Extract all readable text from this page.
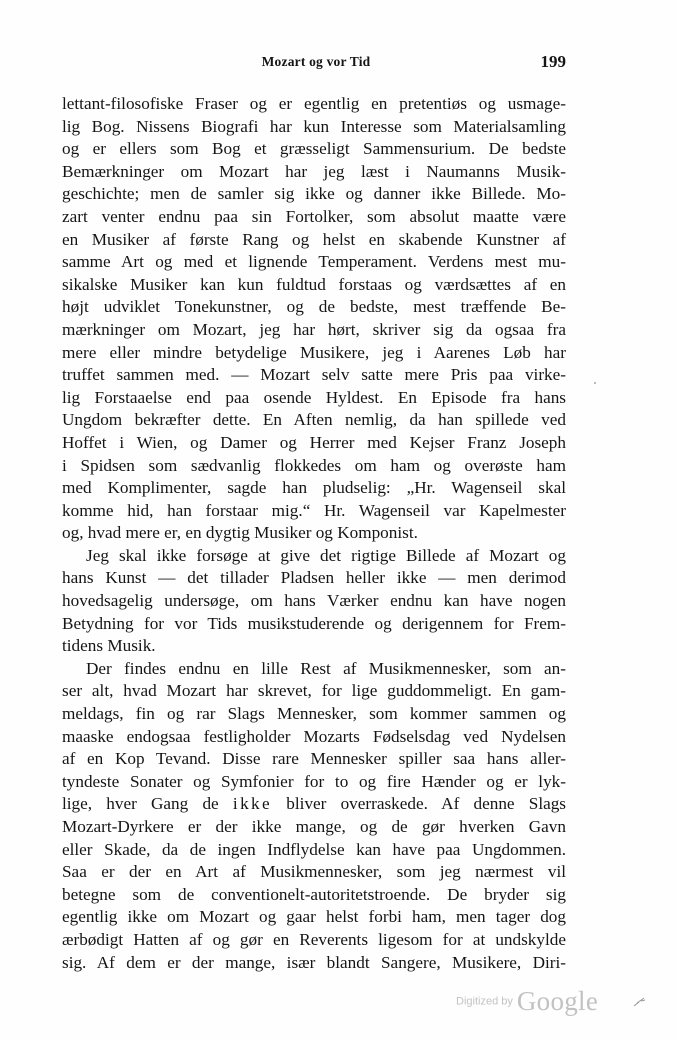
Mozart og vor Tid	199
lettant-filosofiske Fraser og er egentlig en pretentiøs og usmage-
lig Bog. Nissens Biografi har kun Interesse som Materialsamling
og er ellers som Bog et græsseligt Sammensurium. De bedste
Bemærkninger om Mozart har jeg læst i Naumanns Musik-
geschichte; men de samler sig ikke og danner ikke Billede. Mo-
zart venter endnu paa sin Fortolker, som absolut maatte være
en Musiker af første Rang og helst en skabende Kunstner af
samme Art og med et lignende Temperament. Verdens mest mu-
sikalske Musiker kan kun fuldtud forstaas og værdsættes af en
højt udviklet Tonekunstner, og de bedste, mest træffende Be-
mærkninger om Mozart, jeg har hørt, skriver sig da ogsaa fra
mere eller mindre betydelige Musikere, jeg i Aarenes Løb har
truffet sammen med. — Mozart selv satte mere Pris paa virke-
lig Forstaaelse end paa osende Hyldest. En Episode fra hans
Ungdom bekræfter dette. En Aften nemlig, da han spillede ved
Hoffet i Wien, og Damer og Herrer med Kejser Franz Joseph
i Spidsen som sædvanlig flokkedes om ham og overøste ham
med Komplimenter, sagde han pludselig: „Hr. Wagenseil skal
komme hid, han forstaar mig.“ Hr. Wagenseil var Kapelmester
og, hvad mere er, en dygtig Musiker og Komponist.
Jeg skal ikke forsøge at give det rigtige Billede af Mozart og
hans Kunst — det tillader Pladsen heller ikke — men derimod
hovedsagelig undersøge, om hans Værker endnu kan have nogen
Betydning for vor Tids musikstuderende og derigennem for Frem-
tidens Musik.
Der findes endnu en lille Rest af Musikmennesker, som an-
ser alt, hvad Mozart har skrevet, for lige guddommeligt. En gam-
meldags, fin og rar Slags Mennesker, som kommer sammen og
maaske endogsaa festligholder Mozarts Fødselsdag ved Nydelsen
af en Kop Tevand. Disse rare Mennesker spiller saa hans aller-
tyndeste Sonater og Symfonier for to og fire Hænder og er lyk-
lige, hver Gang de ikke bliver overraskede. Af denne Slags
Mozart-Dyrkere er der ikke mange, og de gør hverken Gavn
eller Skade, da de ingen Indflydelse kan have paa Ungdommen.
Saa er der en Art af Musikmennesker, som jeg nærmest vil
betegne som de conventionelt-autoritetstroende. De bryder sig
egentlig ikke om Mozart og gaar helst forbi ham, men tager dog
ærbødigt Hatten af og gør en Reverents ligesom for at undskylde
sig. Af dem er der mange, især blandt Sangere, Musikere, Diri-
Digitized by Google
